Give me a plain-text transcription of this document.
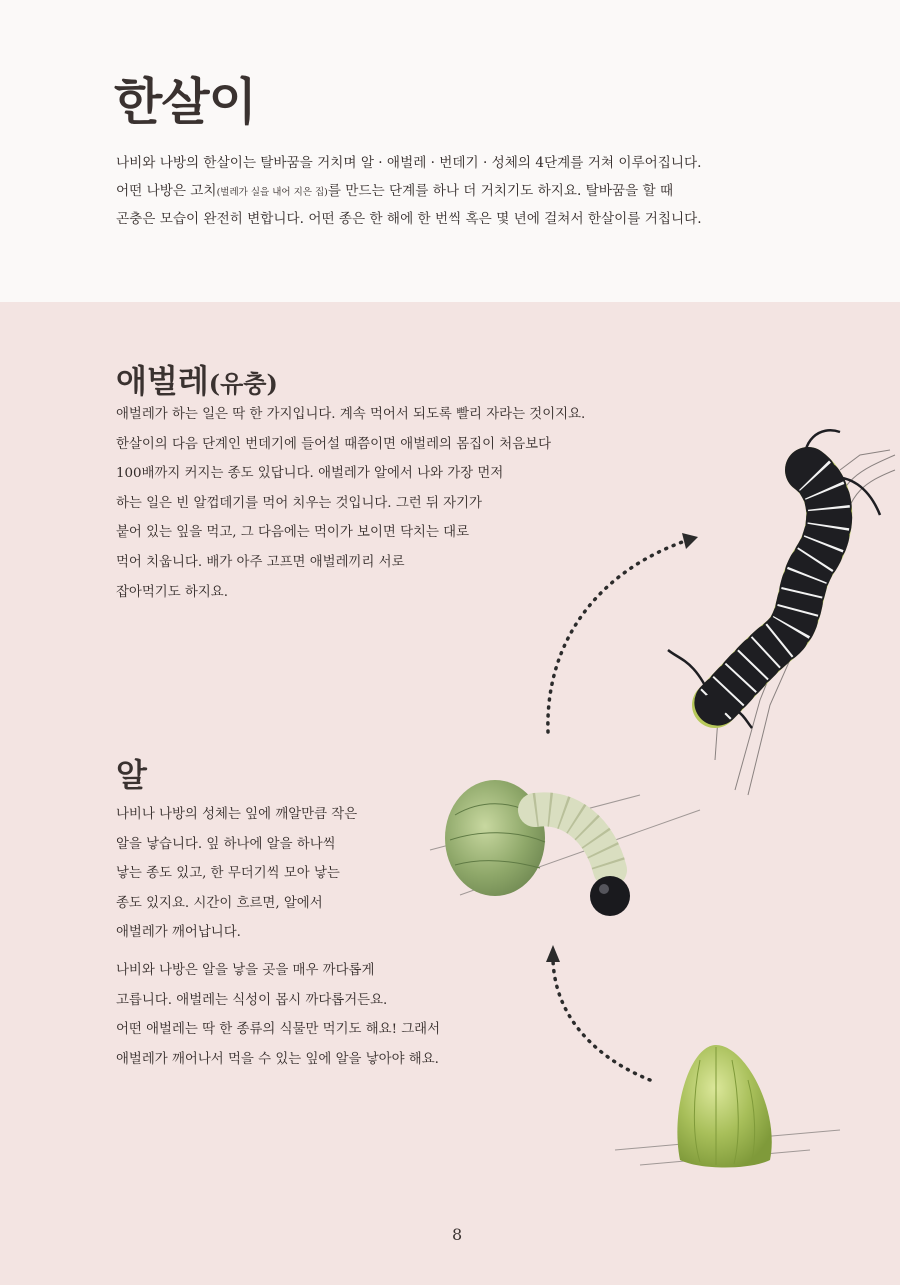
한살이

나비와 나방의 한살이는 탈바꿈을 거치며 알 · 애벌레 · 번데기 · 성체의 4단계를 거쳐 이루어집니다.

어떤 나방은 고치(벌레가 실을 내어 지은 집)를 만드는 단계를 하나 더 거치기도 하지요. 탈바꿈을 할 때

곤충은 모습이 완전히 변합니다. 어떤 종은 한 해에 한 번씩 혹은 몇 년에 걸쳐서 한살이를 거칩니다.

애벌레(유충)

애벌레가 하는 일은 딱 한 가지입니다. 계속 먹어서 되도록 빨리 자라는 것이지요.

한살이의 다음 단계인 번데기에 들어설 때쯤이면 애벌레의 몸집이 처음보다

100배까지 커지는 종도 있답니다. 애벌레가 알에서 나와 가장 먼저

하는 일은 빈 알껍데기를 먹어 치우는 것입니다. 그런 뒤 자기가

붙어 있는 잎을 먹고, 그 다음에는 먹이가 보이면 닥치는 대로

먹어 치웁니다. 배가 아주 고프면 애벌레끼리 서로

잡아먹기도 하지요.

알

나비나 나방의 성체는 잎에 깨알만큼 작은

알을 낳습니다. 잎 하나에 알을 하나씩

낳는 종도 있고, 한 무더기씩 모아 낳는

종도 있지요. 시간이 흐르면, 알에서

애벌레가 깨어납니다.

나비와 나방은 알을 낳을 곳을 매우 까다롭게

고릅니다. 애벌레는 식성이 몹시 까다롭거든요.

어떤 애벌레는 딱 한 종류의 식물만 먹기도 해요! 그래서

애벌레가 깨어나서 먹을 수 있는 잎에 알을 낳아야 해요.

8
